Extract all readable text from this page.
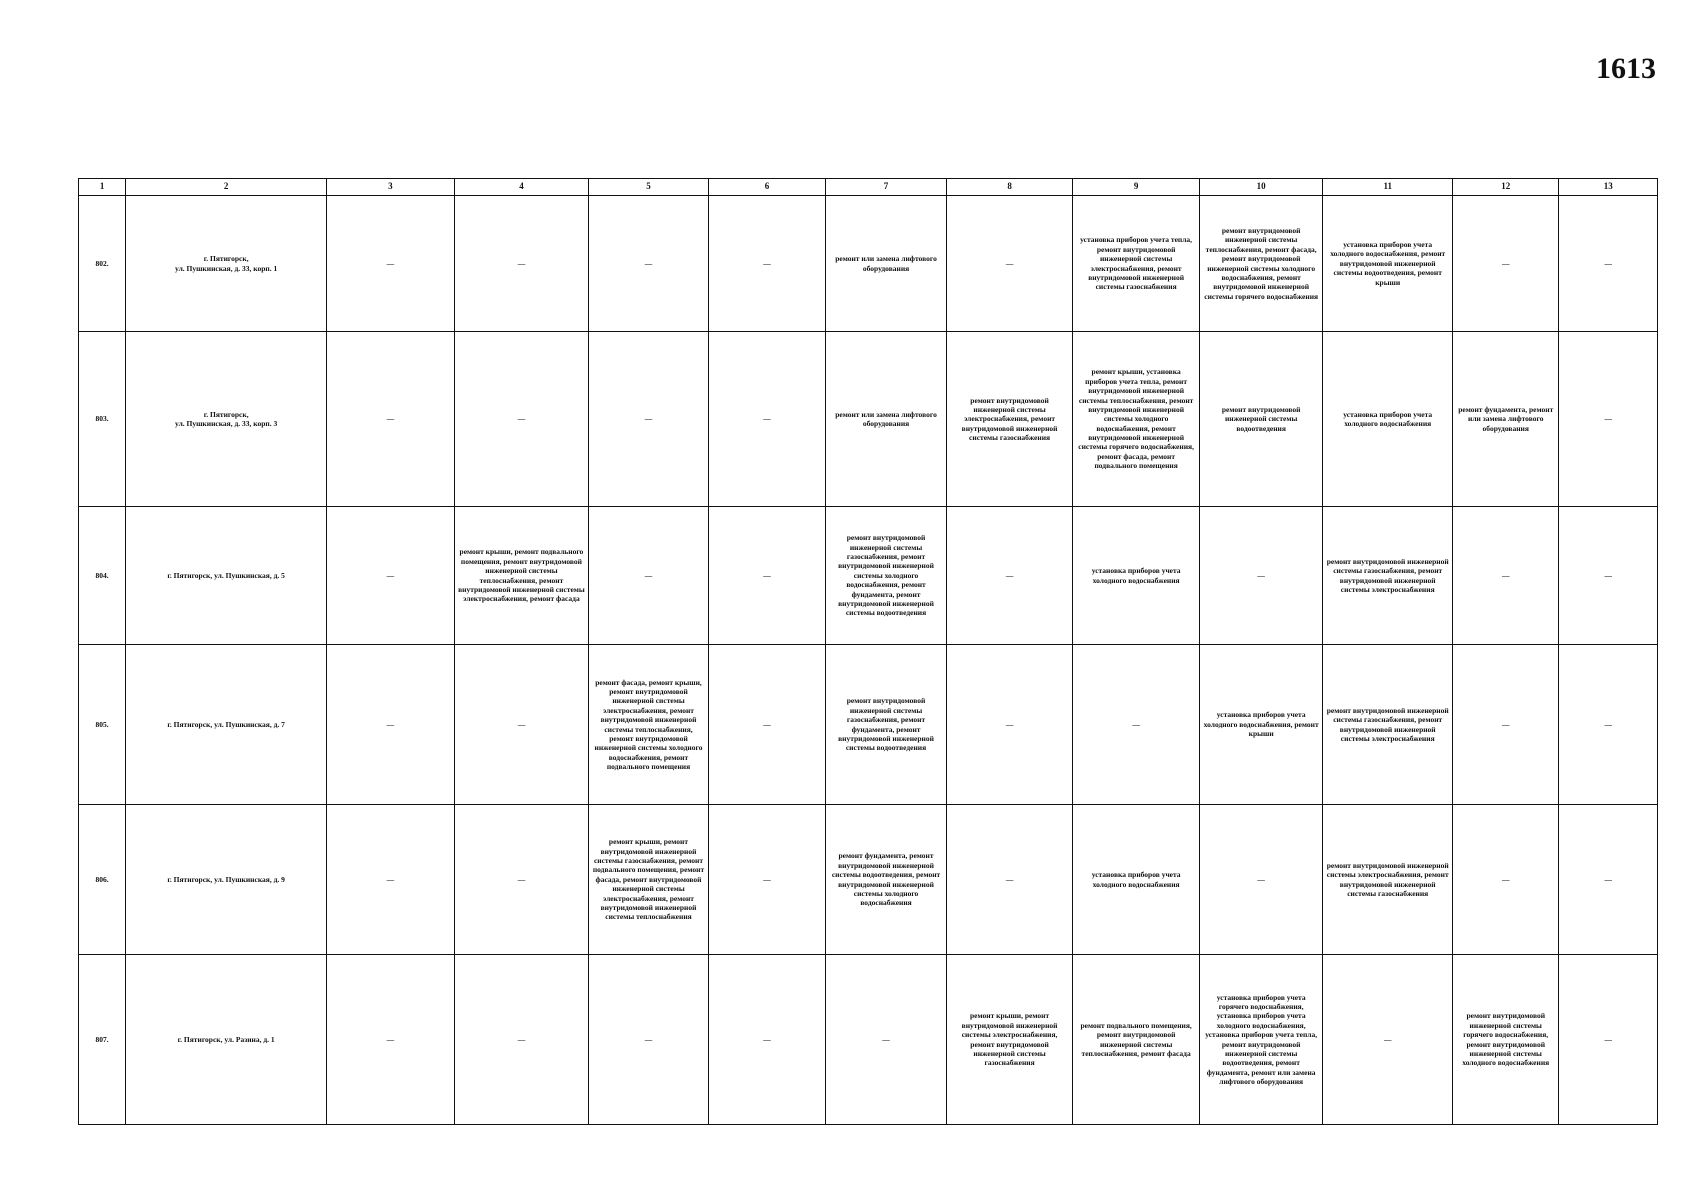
1613
1	2	3	4	5	6	7	8	9	10	11	12	13
802.	г. Пятигорск,
ул. Пушкинская, д. 33, корп. 1	—	—	—	—	ремонт или замена лифтового оборудования	—	установка приборов учета тепла, ремонт внутридомовой инженерной системы электроснабжения, ремонт внутридомовой инженерной системы газоснабжения	ремонт внутридомовой инженерной системы теплоснабжения, ремонт фасада, ремонт внутридомовой инженерной системы холодного водоснабжения, ремонт внутридомовой инженерной системы горячего водоснабжения	установка приборов учета холодного водоснабжения, ремонт внутридомовой инженерной системы водоотведения, ремонт крыши	—	—
803.	г. Пятигорск,
ул. Пушкинская, д. 33, корп. 3	—	—	—	—	ремонт или замена лифтового оборудования	ремонт внутридомовой инженерной системы электроснабжения, ремонт внутридомовой инженерной системы газоснабжения	ремонт крыши, установка приборов учета тепла, ремонт внутридомовой инженерной системы теплоснабжения, ремонт внутридомовой инженерной системы холодного водоснабжения, ремонт внутридомовой инженерной системы горячего водоснабжения, ремонт фасада, ремонт подвального помещения	ремонт внутридомовой инженерной системы водоотведения	установка приборов учета холодного водоснабжения	ремонт фундамента, ремонт или замена лифтового оборудования	—
804.	г. Пятигорск, ул. Пушкинская, д. 5	—	ремонт крыши, ремонт подвального помещения, ремонт внутридомовой инженерной системы теплоснабжения, ремонт внутридомовой инженерной системы электроснабжения, ремонт фасада	—	—	ремонт внутридомовой инженерной системы газоснабжения, ремонт внутридомовой инженерной системы холодного водоснабжения, ремонт фундамента, ремонт внутридомовой инженерной системы водоотведения	—	установка приборов учета холодного водоснабжения	—	ремонт внутридомовой инженерной системы газоснабжения, ремонт внутридомовой инженерной системы электроснабжения	—	—
805.	г. Пятигорск, ул. Пушкинская, д. 7	—	—	ремонт фасада, ремонт крыши, ремонт внутридомовой инженерной системы электроснабжения, ремонт внутридомовой инженерной системы теплоснабжения, ремонт внутридомовой инженерной системы холодного водоснабжения, ремонт подвального помещения	—	ремонт внутридомовой инженерной системы газоснабжения, ремонт фундамента, ремонт внутридомовой инженерной системы водоотведения	—	—	установка приборов учета холодного водоснабжения, ремонт крыши	ремонт внутридомовой инженерной системы газоснабжения, ремонт внутридомовой инженерной системы электроснабжения	—	—
806.	г. Пятигорск, ул. Пушкинская, д. 9	—	—	ремонт крыши, ремонт внутридомовой инженерной системы газоснабжения, ремонт подвального помещения, ремонт фасада, ремонт внутридомовой инженерной системы электроснабжения, ремонт внутридомовой инженерной системы теплоснабжения	—	ремонт фундамента, ремонт внутридомовой инженерной системы водоотведения, ремонт внутридомовой инженерной системы холодного водоснабжения	—	установка приборов учета холодного водоснабжения	—	ремонт внутридомовой инженерной системы электроснабжения, ремонт внутридомовой инженерной системы газоснабжения	—	—
807.	г. Пятигорск, ул. Разина, д. 1	—	—	—	—	—	ремонт крыши, ремонт внутридомовой инженерной системы электроснабжения, ремонт внутридомовой инженерной системы газоснабжения	ремонт подвального помещения, ремонт внутридомовой инженерной системы теплоснабжения, ремонт фасада	установка приборов учета горячего водоснабжения, установка приборов учета холодного водоснабжения, установка приборов учета тепла, ремонт внутридомовой инженерной системы водоотведения, ремонт фундамента, ремонт или замена лифтового оборудования	—	ремонт внутридомовой инженерной системы горячего водоснабжения, ремонт внутридомовой инженерной системы холодного водоснабжения	—
